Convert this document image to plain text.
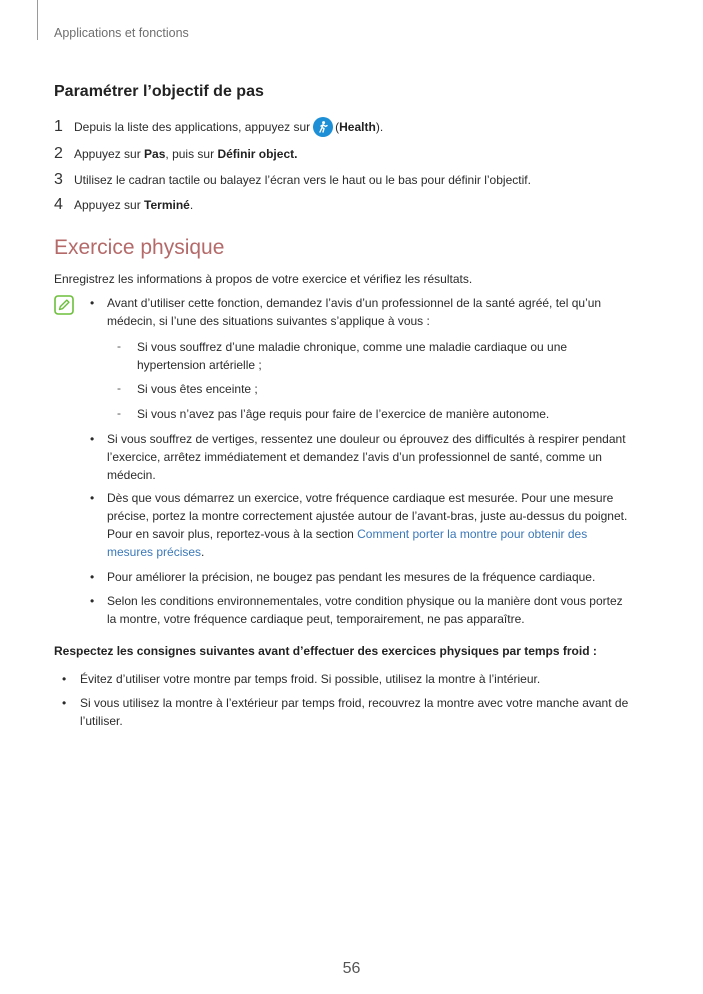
Applications et fonctions
Paramétrer l’objectif de pas
1 Depuis la liste des applications, appuyez sur (Health).
2 Appuyez sur Pas, puis sur Définir object.
3 Utilisez le cadran tactile ou balayez l’écran vers le haut ou le bas pour définir l’objectif.
4 Appuyez sur Terminé.
Exercice physique
Enregistrez les informations à propos de votre exercice et vérifiez les résultats.
• Avant d’utiliser cette fonction, demandez l’avis d’un professionnel de la santé agréé, tel qu’un
médecin, si l’une des situations suivantes s’applique à vous :
- Si vous souffrez d’une maladie chronique, comme une maladie cardiaque ou une
hypertension artérielle ;
- Si vous êtes enceinte ;
- Si vous n’avez pas l’âge requis pour faire de l’exercice de manière autonome.
• Si vous souffrez de vertiges, ressentez une douleur ou éprouvez des difficultés à respirer pendant
l’exercice, arrêtez immédiatement et demandez l’avis d’un professionnel de santé, comme un
médecin.
• Dès que vous démarrez un exercice, votre fréquence cardiaque est mesurée. Pour une mesure
précise, portez la montre correctement ajustée autour de l’avant-bras, juste au-dessus du poignet.
Pour en savoir plus, reportez-vous à la section Comment porter la montre pour obtenir des
mesures précises.
• Pour améliorer la précision, ne bougez pas pendant les mesures de la fréquence cardiaque.
• Selon les conditions environnementales, votre condition physique ou la manière dont vous portez
la montre, votre fréquence cardiaque peut, temporairement, ne pas apparaître.
Respectez les consignes suivantes avant d’effectuer des exercices physiques par temps froid :
• Évitez d’utiliser votre montre par temps froid. Si possible, utilisez la montre à l’intérieur.
• Si vous utilisez la montre à l’extérieur par temps froid, recouvrez la montre avec votre manche avant de
l’utiliser.
56
